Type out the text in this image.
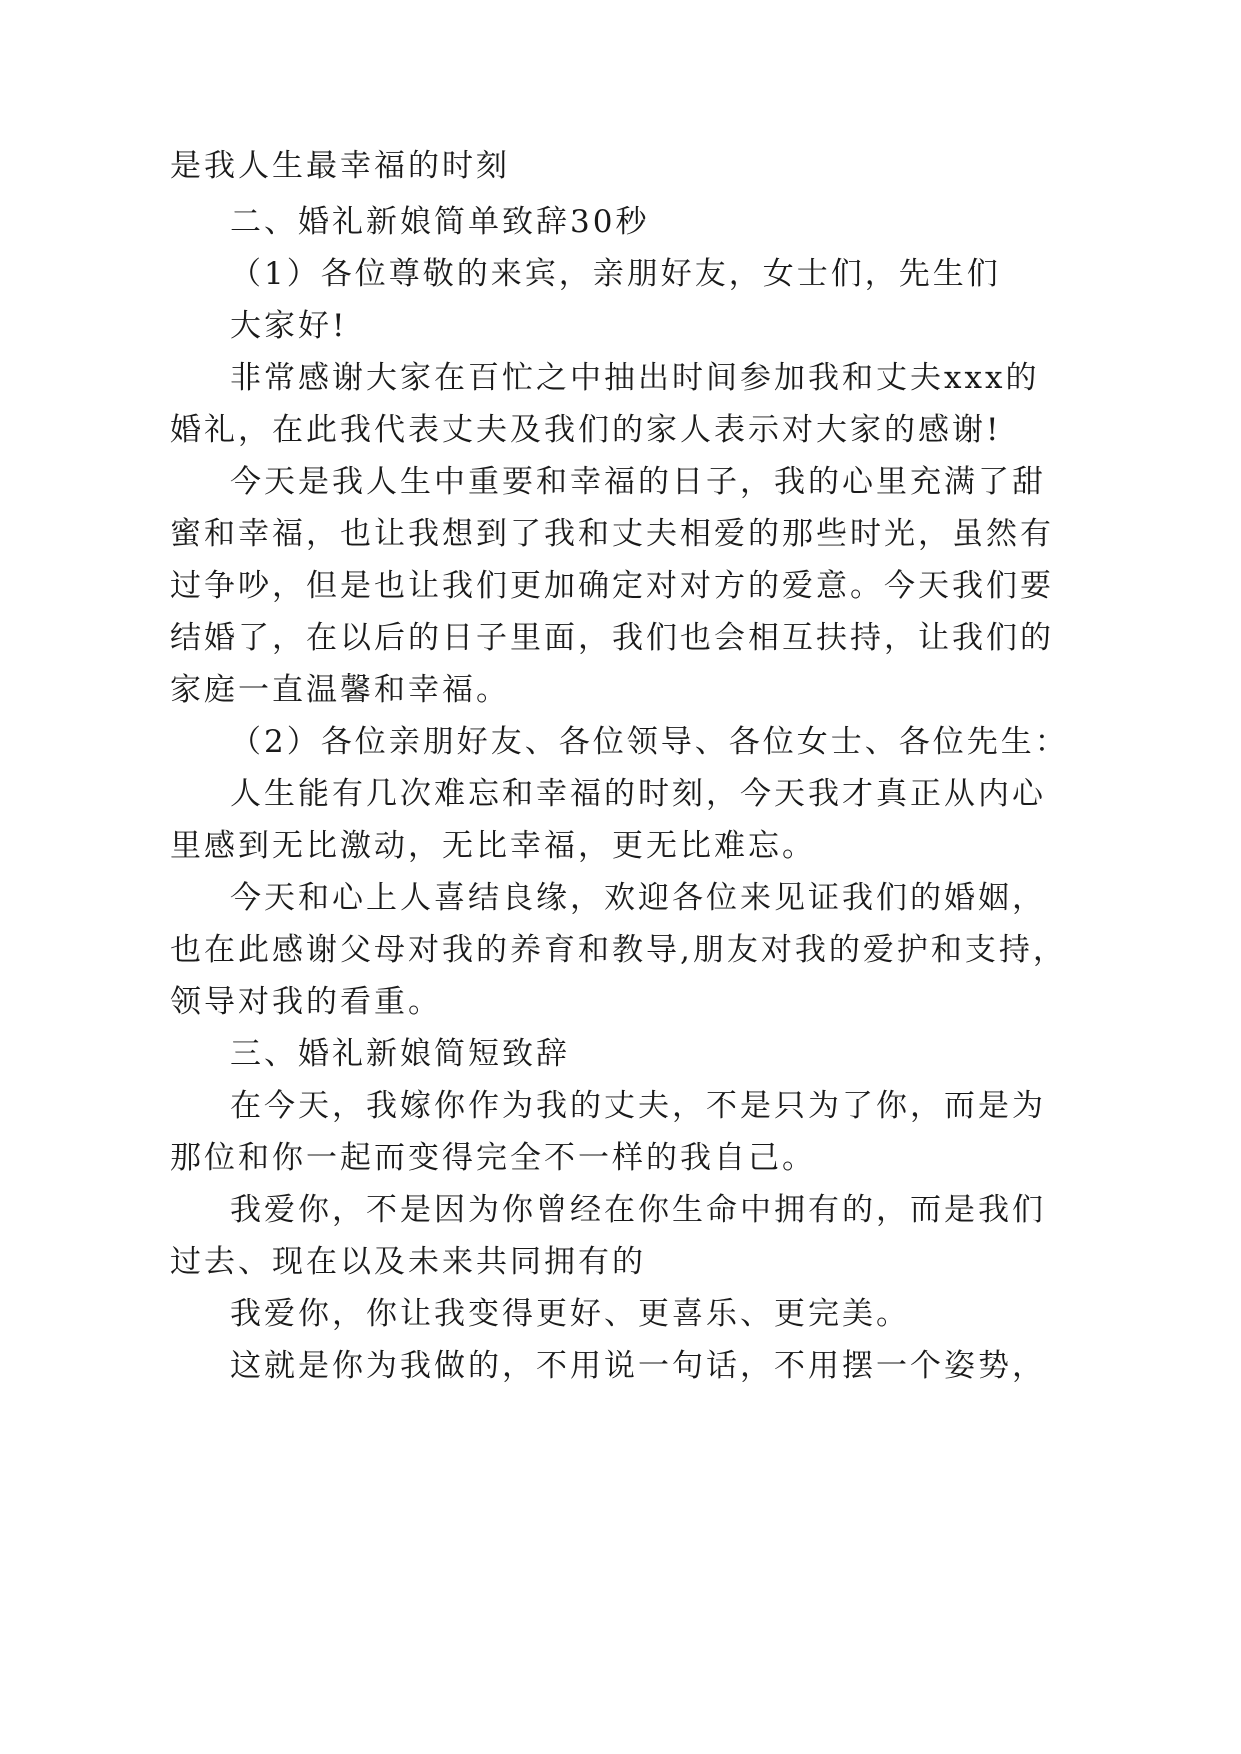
是我人生最幸福的时刻
二、婚礼新娘简单致辞30秒
（1）各位尊敬的来宾，亲朋好友，女士们，先生们
大家好!
非常感谢大家在百忙之中抽出时间参加我和丈夫xxx的
婚礼，在此我代表丈夫及我们的家人表示对大家的感谢!
今天是我人生中重要和幸福的日子，我的心里充满了甜
蜜和幸福，也让我想到了我和丈夫相爱的那些时光，虽然有
过争吵，但是也让我们更加确定对对方的爱意。今天我们要
结婚了，在以后的日子里面，我们也会相互扶持，让我们的
家庭一直温馨和幸福。
（2）各位亲朋好友、各位领导、各位女士、各位先生：
人生能有几次难忘和幸福的时刻，今天我才真正从内心
里感到无比激动，无比幸福，更无比难忘。
今天和心上人喜结良缘，欢迎各位来见证我们的婚姻，
也在此感谢父母对我的养育和教导,朋友对我的爱护和支持，
领导对我的看重。
三、婚礼新娘简短致辞
在今天，我嫁你作为我的丈夫，不是只为了你，而是为
那位和你一起而变得完全不一样的我自己。
我爱你，不是因为你曾经在你生命中拥有的，而是我们
过去、现在以及未来共同拥有的
我爱你，你让我变得更好、更喜乐、更完美。
这就是你为我做的，不用说一句话，不用摆一个姿势，
